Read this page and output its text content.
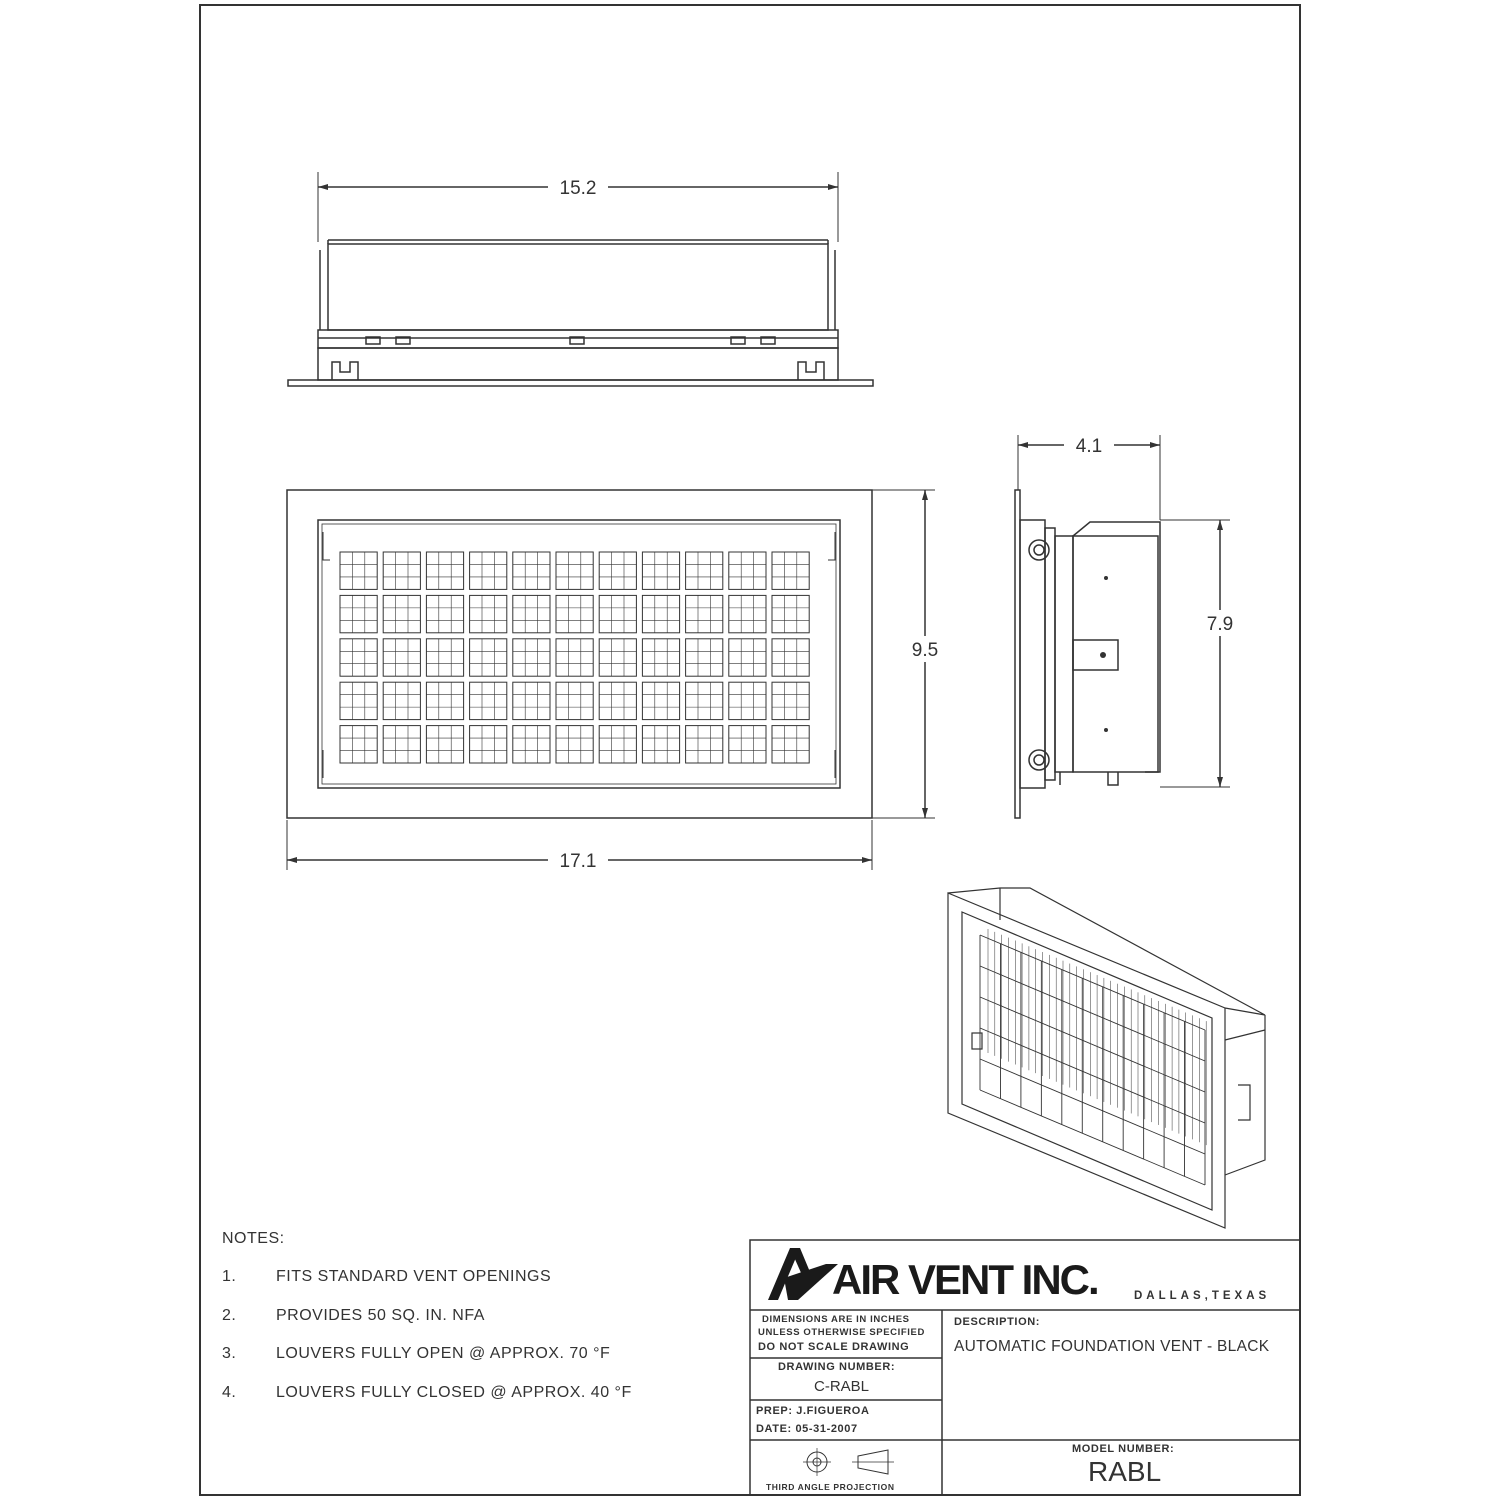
15.2
9.5
17.1
4.1
7.9
NOTES:
1.	FITS STANDARD VENT OPENINGS
2.	PROVIDES 50 SQ. IN. NFA
3.	LOUVERS FULLY OPEN @ APPROX. 70 °F
4.	LOUVERS FULLY CLOSED @ APPROX. 40 °F
AIR VENT INC.	DALLAS,TEXAS
DIMENSIONS ARE IN INCHES
UNLESS OTHERWISE SPECIFIED
DO NOT SCALE DRAWING
DESCRIPTION:
AUTOMATIC FOUNDATION VENT - BLACK
DRAWING NUMBER:
C-RABL
PREP: J.FIGUEROA
DATE: 05-31-2007
THIRD ANGLE PROJECTION
MODEL NUMBER:
RABL
